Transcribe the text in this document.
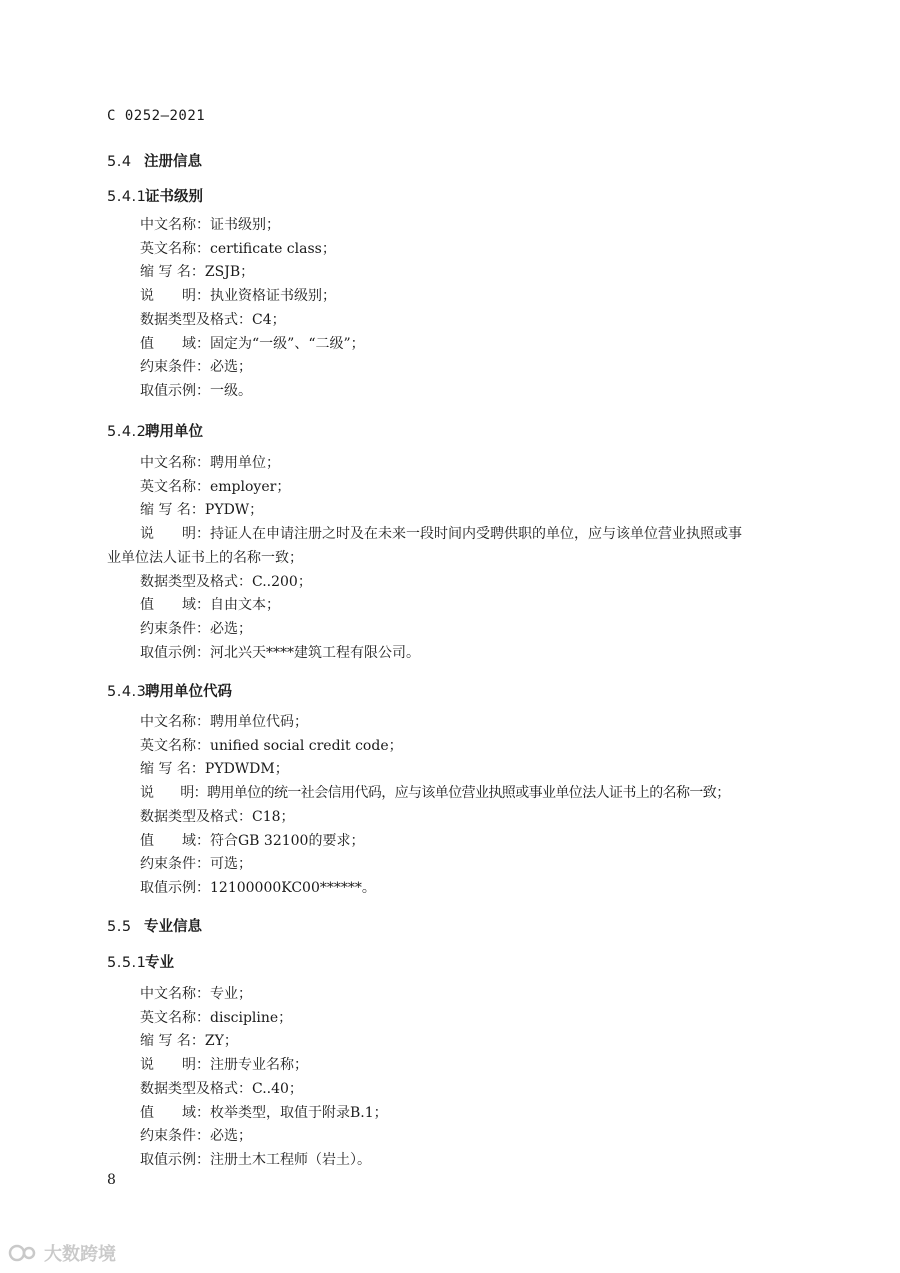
C 0252—2021
5.4 注册信息
5.4.1证书级别
中文名称：证书级别；
英文名称：certificate class；
缩 写 名：ZSJB；
说　　明：执业资格证书级别；
数据类型及格式：C4；
值　　域：固定为“一级”、“二级”；
约束条件：必选；
取值示例：一级。
5.4.2聘用单位
中文名称：聘用单位；
英文名称：employer；
缩 写 名：PYDW；
说　　明：持证人在申请注册之时及在未来一段时间内受聘供职的单位，应与该单位营业执照或事
业单位法人证书上的名称一致；
数据类型及格式：C..200；
值　　域：自由文本；
约束条件：必选；
取值示例：河北兴天****建筑工程有限公司。
5.4.3聘用单位代码
中文名称：聘用单位代码；
英文名称：unified social credit code；
缩 写 名：PYDWDM；
说　　明：聘用单位的统一社会信用代码，应与该单位营业执照或事业单位法人证书上的名称一致；
数据类型及格式：C18；
值　　域：符合GB 32100的要求；
约束条件：可选；
取值示例：12100000KC00******。
5.5 专业信息
5.5.1专业
中文名称：专业；
英文名称：discipline；
缩 写 名：ZY；
说　　明：注册专业名称；
数据类型及格式：C..40；
值　　域：枚举类型，取值于附录B.1；
约束条件：必选；
取值示例：注册土木工程师（岩土）。
8
大数跨境
